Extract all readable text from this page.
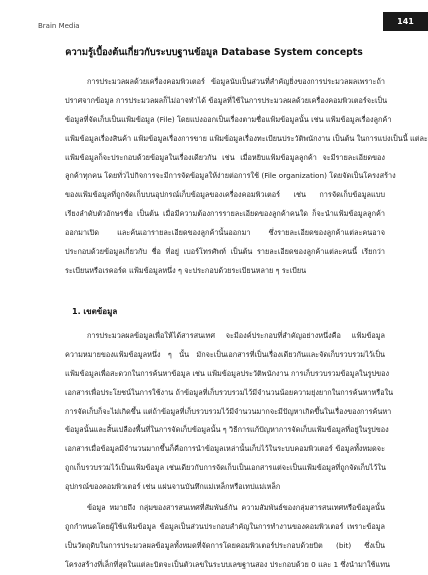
Brain Media	141
ความรู้เบื้องต้นเกี่ยวกับระบบฐานข้อมูล Database System concepts
การประมวลผลด้วยเครื่องคอมพิวเตอร์ ข้อมูลนับเป็นส่วนที่สำคัญยิ่งของการประมวลผลเพราะถ้า
ปราศจากข้อมูล การประมวลผลก็ไม่อาจทำได้ ข้อมูลที่ใช้ในการประมวลผลด้วยเครื่องคอมพิวเตอร์จะเป็น
ข้อมูลที่จัดเก็บเป็นแฟ้มข้อมูล (File) โดยแบ่งออกเป็นเรื่องตามชื่อแฟ้มข้อมูลนั้น เช่น แฟ้มข้อมูลเรื่องลูกค้า
แฟ้มข้อมูลเรื่องสินค้า แฟ้มข้อมูลเรื่องการขาย แฟ้มข้อมูลเรื่องทะเบียนประวัติพนักงาน เป็นต้น ในการแบ่งเป็นนี้ แต่ละ
แฟ้มข้อมูลก็จะประกอบด้วยข้อมูลในเรื่องเดียวกัน เช่น เมื่อหยิบแฟ้มข้อมูลลูกค้า จะมีรายละเอียดของ
ลูกค้าทุกคน โดยทั่วไปกิจการจะมีการจัดข้อมูลให้ง่ายต่อการใช้ (File organization) โดยจัดเป็นโครงสร้าง
ของแฟ้มข้อมูลที่ถูกจัดเก็บบนอุปกรณ์เก็บข้อมูลของเครื่องคอมพิวเตอร์ เช่น การจัดเก็บข้อมูลแบบ
เรียงลำดับตัวอักษรชื่อ เป็นต้น เมื่อมีความต้องการรายละเอียดของลูกค้าคนใด ก็จะนำแฟ้มข้อมูลลูกค้า
ออกมาเปิด และค้นเอารายละเอียดของลูกค้านั้นออกมา ซึ่งรายละเอียดของลูกค้าแต่ละคนอาจ
ประกอบด้วยข้อมูลเกี่ยวกับ ชื่อ ที่อยู่ เบอร์โทรศัพท์ เป็นต้น รายละเอียดของลูกค้าแต่ละคนนี้ เรียกว่า
ระเบียนหรือเรคอร์ด แฟ้มข้อมูลหนึ่ง ๆ จะประกอบด้วยระเบียนหลาย ๆ ระเบียน
1. เขตข้อมูล
การประมวลผลข้อมูลเพื่อให้ได้สารสนเทศ จะมีองค์ประกอบที่สำคัญอย่างหนึ่งคือ แฟ้มข้อมูล
ความหมายของแฟ้มข้อมูลหนึ่ง ๆ นั้น มักจะเป็นเอกสารที่เป็นเรื่องเดียวกันและจัดเก็บรวบรวมไว้เป็น
แฟ้มข้อมูลเพื่อสะดวกในการค้นหาข้อมูล เช่น แฟ้มข้อมูลประวัติพนักงาน การเก็บรวบรวมข้อมูลในรูปของ
เอกสารเพื่อประโยชน์ในการใช้งาน ถ้าข้อมูลที่เก็บรวบรวมไว้มีจำนวนน้อยความยุ่งยากในการค้นหาหรือใน
การจัดเก็บก็จะไม่เกิดขึ้น แต่ถ้าข้อมูลที่เก็บรวบรวมไว้มีจำนวนมากจะมีปัญหาเกิดขึ้นในเรื่องของการค้นหา
ข้อมูลนั้นและสิ้นเปลืองพื้นที่ในการจัดเก็บข้อมูลนั้น ๆ วิธีการแก้ปัญหาการจัดเก็บแฟ้มข้อมูลที่อยู่ในรูปของ
เอกสารเมื่อข้อมูลมีจำนวนมากขึ้นก็คือการนำข้อมูลเหล่านั้นเก็บไว้ในระบบคอมพิวเตอร์ ข้อมูลทั้งหมดจะ
ถูกเก็บรวบรวมไว้เป็นแฟ้มข้อมูล เช่นเดียวกับการจัดเก็บเป็นเอกสารแต่จะเป็นแฟ้มข้อมูลที่ถูกจัดเก็บไว้ใน
อุปกรณ์ของคอมพิวเตอร์ เช่น แผ่นจานบันทึกแม่เหล็กหรือเทปแม่เหล็ก
ข้อมูล หมายถึง กลุ่มของสารสนเทศที่สัมพันธ์กัน ความสัมพันธ์ของกลุ่มสารสนเทศหรือข้อมูลนั้น
ถูกกำหนดโดยผู้ใช้แฟ้มข้อมูล ข้อมูลเป็นส่วนประกอบสำคัญในการทำงานของคอมพิวเตอร์ เพราะข้อมูล
เป็นวัตถุดิบในการประมวลผลข้อมูลทั้งหมดที่จัดการโดยคอมพิวเตอร์ประกอบด้วยบิต (bit) ซึ่งเป็น
โครงสร้างที่เล็กที่สุดในแต่ละบิตจะเป็นตัวเลขในระบบเลขฐานสอง ประกอบด้วย 0 และ 1 ซึ่งนำมาใช้แทน
